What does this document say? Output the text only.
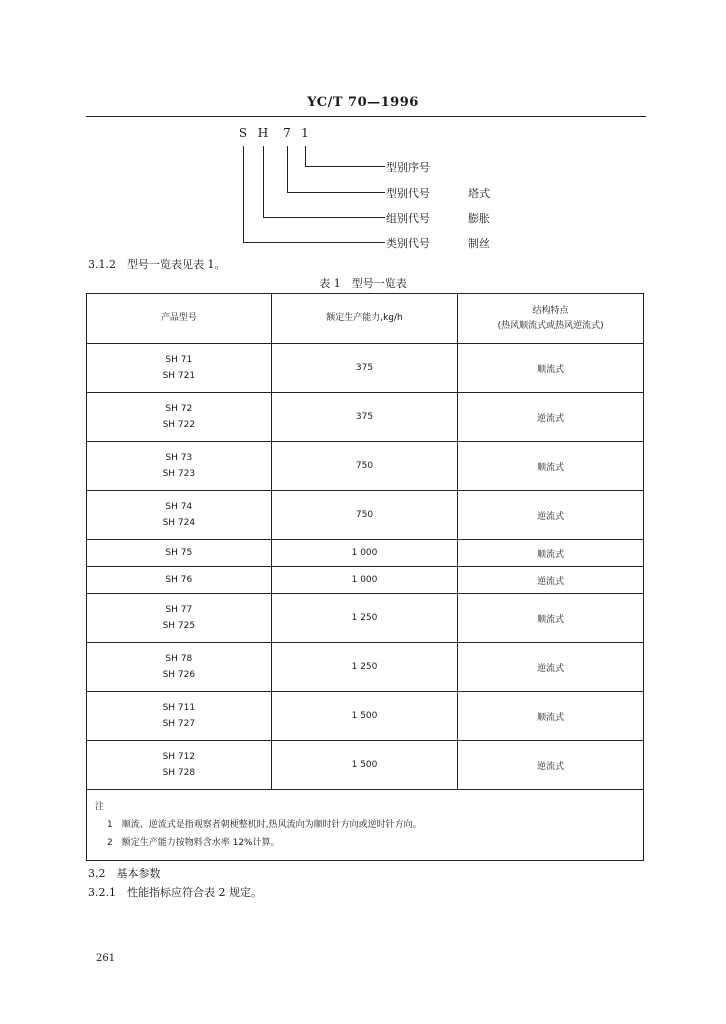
YC/T 70—1996
S H 7 1
型别序号
型别代号	塔式
组别代号	膨胀
类别代号	制丝
3.1.2　型号一览表见表 1。
表 1　型号一览表
产品型号	额定生产能力,kg/h	结构特点
(热风顺流式或热风逆流式)

SH 71
SH 721	375	顺流式

SH 72
SH 722	375	逆流式

SH 73
SH 723	750	顺流式

SH 74
SH 724	750	逆流式

SH 75	1 000	顺流式

SH 76	1 000	逆流式

SH 77
SH 725	1 250	顺流式

SH 78
SH 726	1 250	逆流式

SH 711
SH 727	1 500	顺流式

SH 712
SH 728	1 500	逆流式

注
1　顺流、逆流式是指观察者朝梗整机时,热风流向为顺时针方向或逆时针方向。
2　额定生产能力按物料含水率 12%计算。		
3.2　基本参数
3.2.1　性能指标应符合表 2 规定。
261
